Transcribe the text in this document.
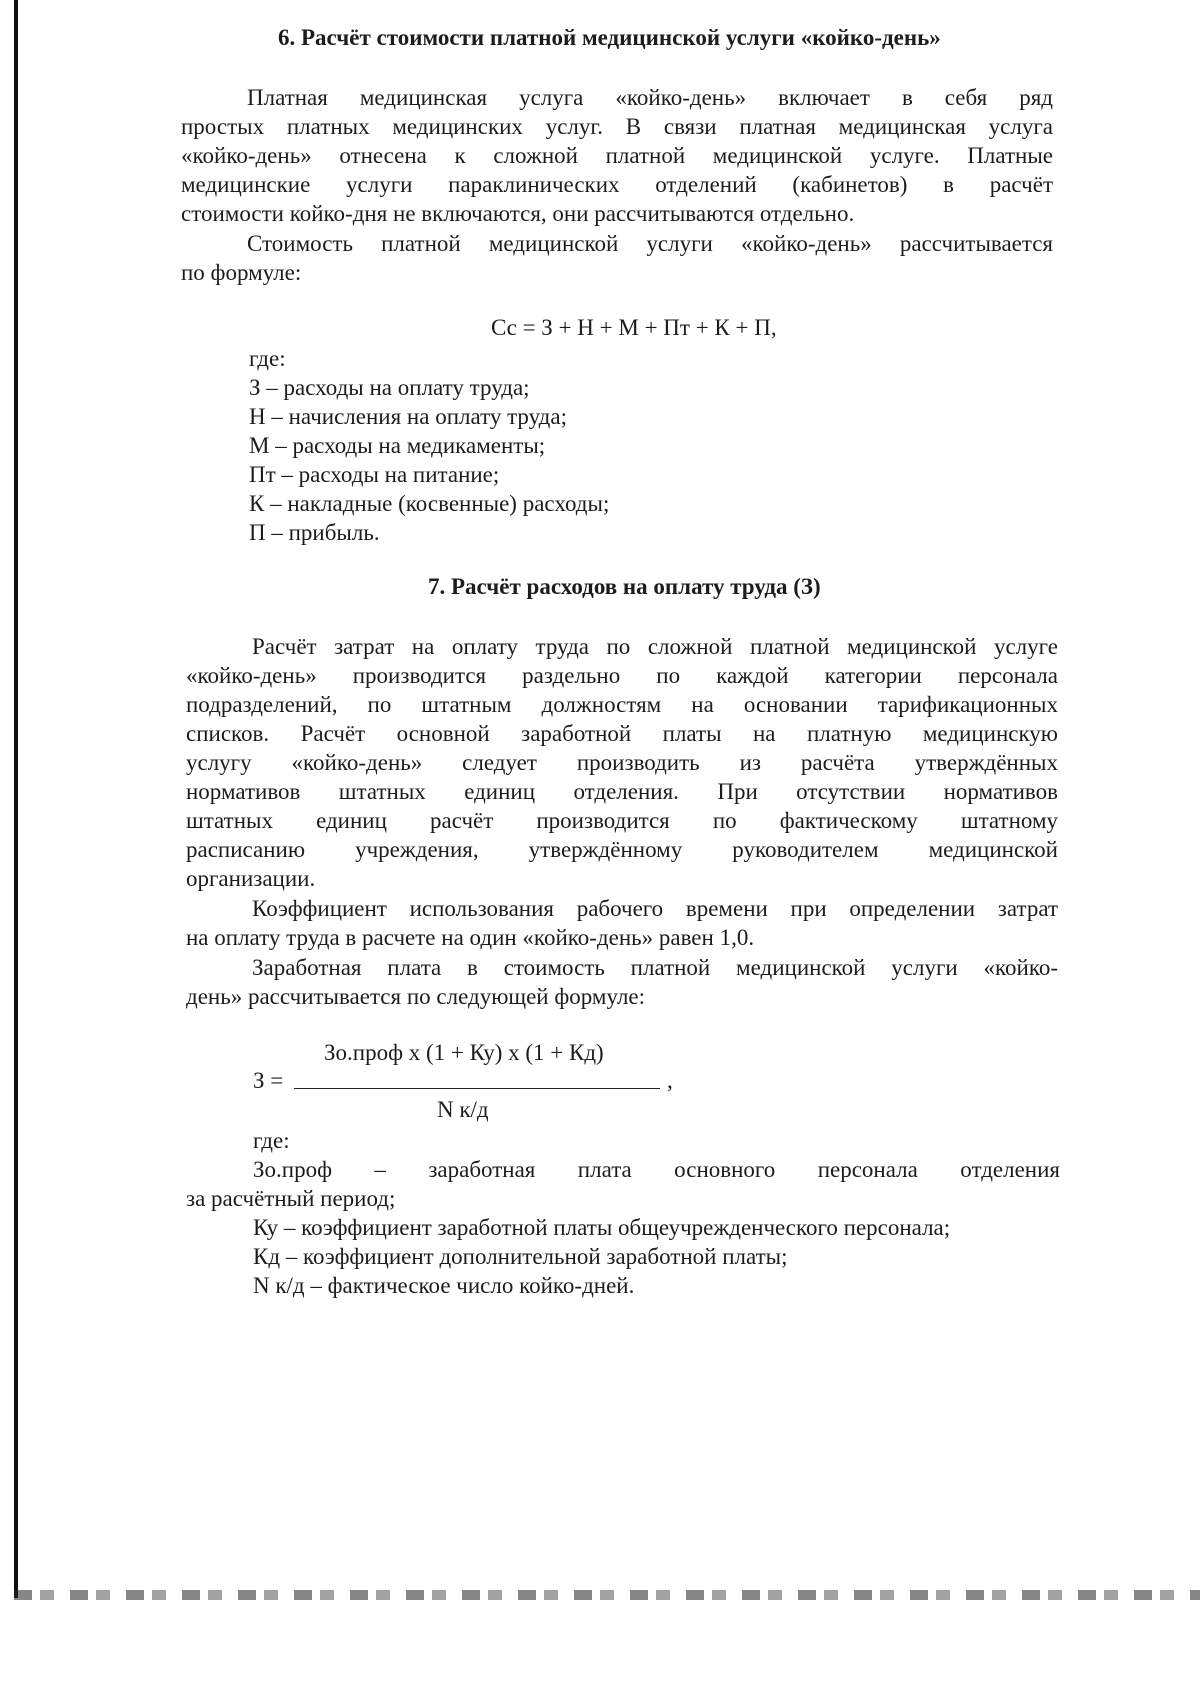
6. Расчёт стоимости платной медицинской услуги «койко-день»
Платная медицинская услуга «койко-день» включает в себя ряд
простых платных медицинских услуг. В связи платная медицинская услуга
«койко-день» отнесена к сложной платной медицинской услуге. Платные
медицинские услуги параклинических отделений (кабинетов) в расчёт
стоимости койко-дня не включаются, они рассчитываются отдельно.
Стоимость платной медицинской услуги «койко-день» рассчитывается
по формуле:
Сс = З + Н + М + Пт + К + П,
где:
З – расходы на оплату труда;
Н – начисления на оплату труда;
М – расходы на медикаменты;
Пт – расходы на питание;
К – накладные (косвенные) расходы;
П – прибыль.
7. Расчёт расходов на оплату труда (З)
Расчёт затрат на оплату труда по сложной платной медицинской услуге
«койко-день» производится раздельно по каждой категории персонала
подразделений, по штатным должностям на основании тарификационных
списков. Расчёт основной заработной платы на платную медицинскую
услугу «койко-день» следует производить из расчёта утверждённых
нормативов штатных единиц отделения. При отсутствии нормативов
штатных единиц расчёт производится по фактическому штатному
расписанию учреждения, утверждённому руководителем медицинской
организации.
Коэффициент использования рабочего времени при определении затрат
на оплату труда в расчете на один «койко-день» равен 1,0.
Заработная плата в стоимость платной медицинской услуги «койко-
день» рассчитывается по следующей формуле:
Зо.проф х (1 + Ку) х (1 + Кд)
З =	,
N к/д
где:
Зо.проф – заработная плата основного персонала отделения
за расчётный период;
Ку – коэффициент заработной платы общеучрежденческого персонала;
Кд – коэффициент дополнительной заработной платы;
N к/д – фактическое число койко-дней.
